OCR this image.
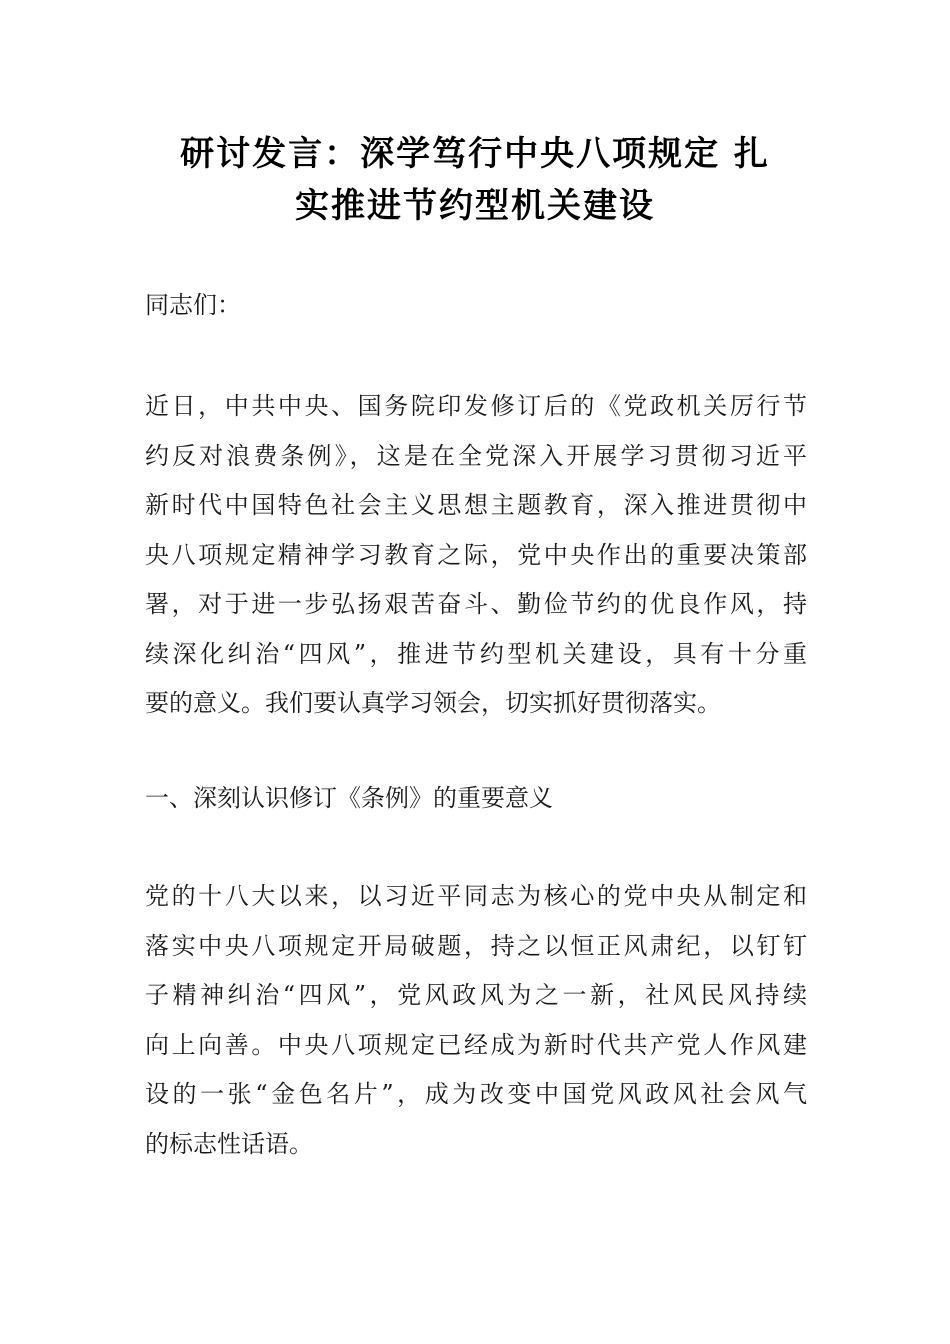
研讨发言：深学笃行中央八项规定 扎
实推进节约型机关建设

同志们：

近日，中共中央、国务院印发修订后的《党政机关厉行节
约反对浪费条例》，这是在全党深入开展学习贯彻习近平
新时代中国特色社会主义思想主题教育，深入推进贯彻中
央八项规定精神学习教育之际，党中央作出的重要决策部
署，对于进一步弘扬艰苦奋斗、勤俭节约的优良作风，持
续深化纠治“四风”，推进节约型机关建设，具有十分重
要的意义。我们要认真学习领会，切实抓好贯彻落实。

一、深刻认识修订《条例》的重要意义

党的十八大以来，以习近平同志为核心的党中央从制定和
落实中央八项规定开局破题，持之以恒正风肃纪，以钉钉
子精神纠治“四风”，党风政风为之一新，社风民风持续
向上向善。中央八项规定已经成为新时代共产党人作风建
设的一张“金色名片”，成为改变中国党风政风社会风气
的标志性话语。
